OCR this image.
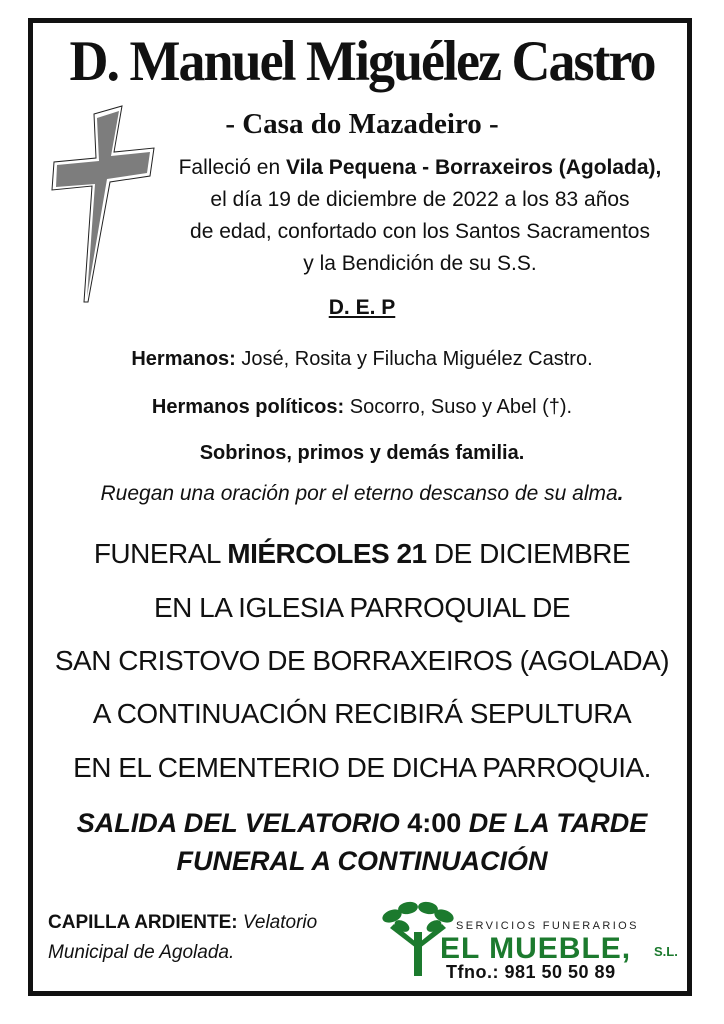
D. Manuel Miguélez Castro
- Casa do Mazadeiro -
Falleció en Vila Pequena - Borraxeiros (Agolada),
el día 19 de diciembre de 2022 a los 83 años
de edad, confortado con los Santos Sacramentos
y la Bendición de su S.S.
D. E. P
Hermanos: José, Rosita y Filucha Miguélez Castro.
Hermanos políticos: Socorro, Suso y Abel (†).
Sobrinos, primos y demás familia.
Ruegan una oración por el eterno descanso de su alma.
FUNERAL MIÉRCOLES 21 DE DICIEMBRE
EN LA IGLESIA PARROQUIAL DE
SAN CRISTOVO DE BORRAXEIROS (AGOLADA)
A CONTINUACIÓN RECIBIRÁ SEPULTURA
EN EL CEMENTERIO DE DICHA PARROQUIA.
SALIDA DEL VELATORIO 4:00 DE LA TARDE
FUNERAL A CONTINUACIÓN
CAPILLA ARDIENTE: Velatorio
Municipal de Agolada.
SERVICIOS FUNERARIOS
EL MUEBLE, S.L.
Tfno.: 981 50 50 89
